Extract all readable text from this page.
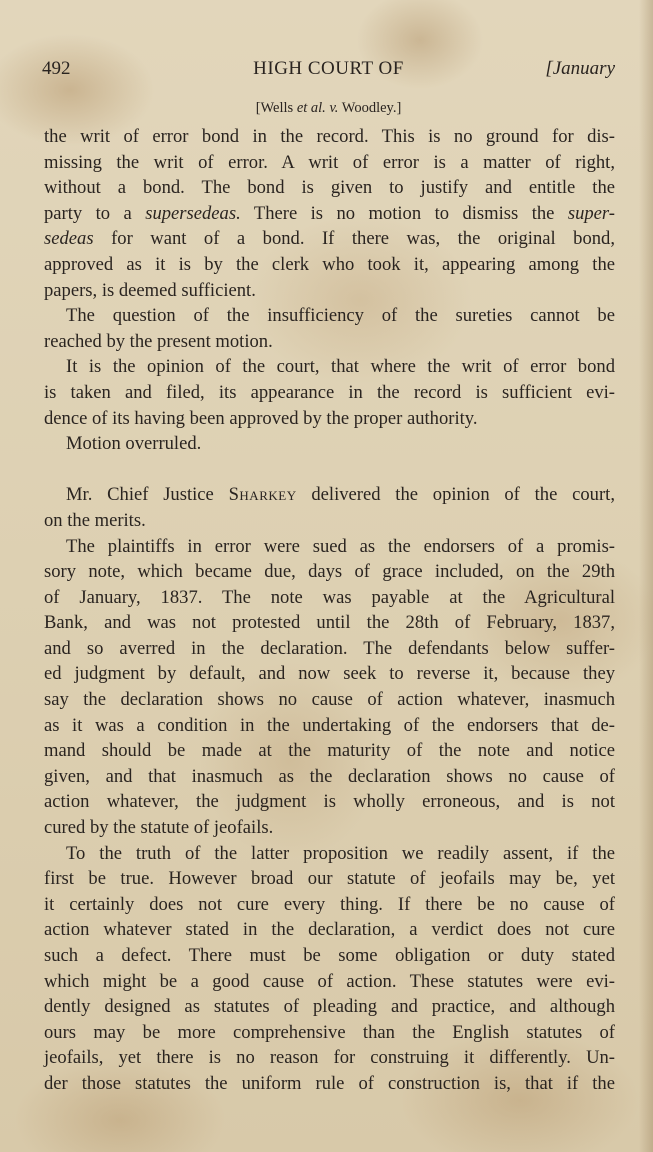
492	HIGH COURT OF	[January
[Wells et al. v. Woodley.]
the writ of error bond in the record. This is no ground for dis-
missing the writ of error. A writ of error is a matter of right,
without a bond. The bond is given to justify and entitle the
party to a supersedeas. There is no motion to dismiss the super-
sedeas for want of a bond. If there was, the original bond,
approved as it is by the clerk who took it, appearing among the
papers, is deemed sufficient.
The question of the insufficiency of the sureties cannot be
reached by the present motion.
It is the opinion of the court, that where the writ of error bond
is taken and filed, its appearance in the record is sufficient evi-
dence of its having been approved by the proper authority.
Motion overruled.
Mr. Chief Justice Sharkey delivered the opinion of the court,
on the merits.
The plaintiffs in error were sued as the endorsers of a promis-
sory note, which became due, days of grace included, on the 29th
of January, 1837. The note was payable at the Agricultural
Bank, and was not protested until the 28th of February, 1837,
and so averred in the declaration. The defendants below suffer-
ed judgment by default, and now seek to reverse it, because they
say the declaration shows no cause of action whatever, inasmuch
as it was a condition in the undertaking of the endorsers that de-
mand should be made at the maturity of the note and notice
given, and that inasmuch as the declaration shows no cause of
action whatever, the judgment is wholly erroneous, and is not
cured by the statute of jeofails.
To the truth of the latter proposition we readily assent, if the
first be true. However broad our statute of jeofails may be, yet
it certainly does not cure every thing. If there be no cause of
action whatever stated in the declaration, a verdict does not cure
such a defect. There must be some obligation or duty stated
which might be a good cause of action. These statutes were evi-
dently designed as statutes of pleading and practice, and although
ours may be more comprehensive than the English statutes of
jeofails, yet there is no reason for construing it differently. Un-
der those statutes the uniform rule of construction is, that if the
